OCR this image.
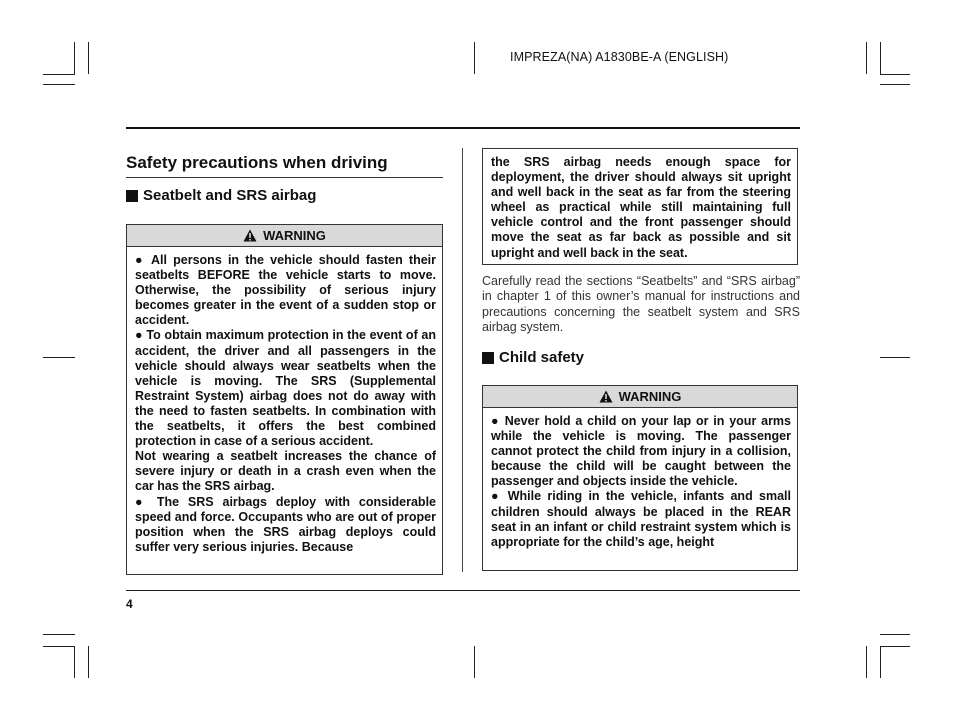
IMPREZA(NA) A1830BE-A (ENGLISH)
Safety precautions when driving
Seatbelt and SRS airbag
WARNING

● All persons in the vehicle should fasten their seatbelts BEFORE the vehicle starts to move. Otherwise, the possibility of serious injury becomes greater in the event of a sudden stop or accident.

● To obtain maximum protection in the event of an accident, the driver and all passengers in the vehicle should always wear seatbelts when the vehicle is moving. The SRS (Supplemental Restraint System) airbag does not do away with the need to fasten seatbelts. In combination with the seatbelts, it offers the best combined protection in case of a serious accident.

Not wearing a seatbelt increases the chance of severe injury or death in a crash even when the car has the SRS airbag.

● The SRS airbags deploy with considerable speed and force. Occupants who are out of proper position when the SRS airbag deploys could suffer very serious injuries. Because

the SRS airbag needs enough space for deployment, the driver should always sit upright and well back in the seat as far from the steering wheel as practical while still maintaining full vehicle control and the front passenger should move the seat as far back as possible and sit upright and well back in the seat.

Carefully read the sections “Seatbelts” and “SRS airbag” in chapter 1 of this owner’s manual for instructions and precautions concerning the seatbelt system and SRS airbag system.

Child safety
WARNING

● Never hold a child on your lap or in your arms while the vehicle is moving. The passenger cannot protect the child from injury in a collision, because the child will be caught between the passenger and objects inside the vehicle.

● While riding in the vehicle, infants and small children should always be placed in the REAR seat in an infant or child restraint system which is appropriate for the child’s age, height

4
